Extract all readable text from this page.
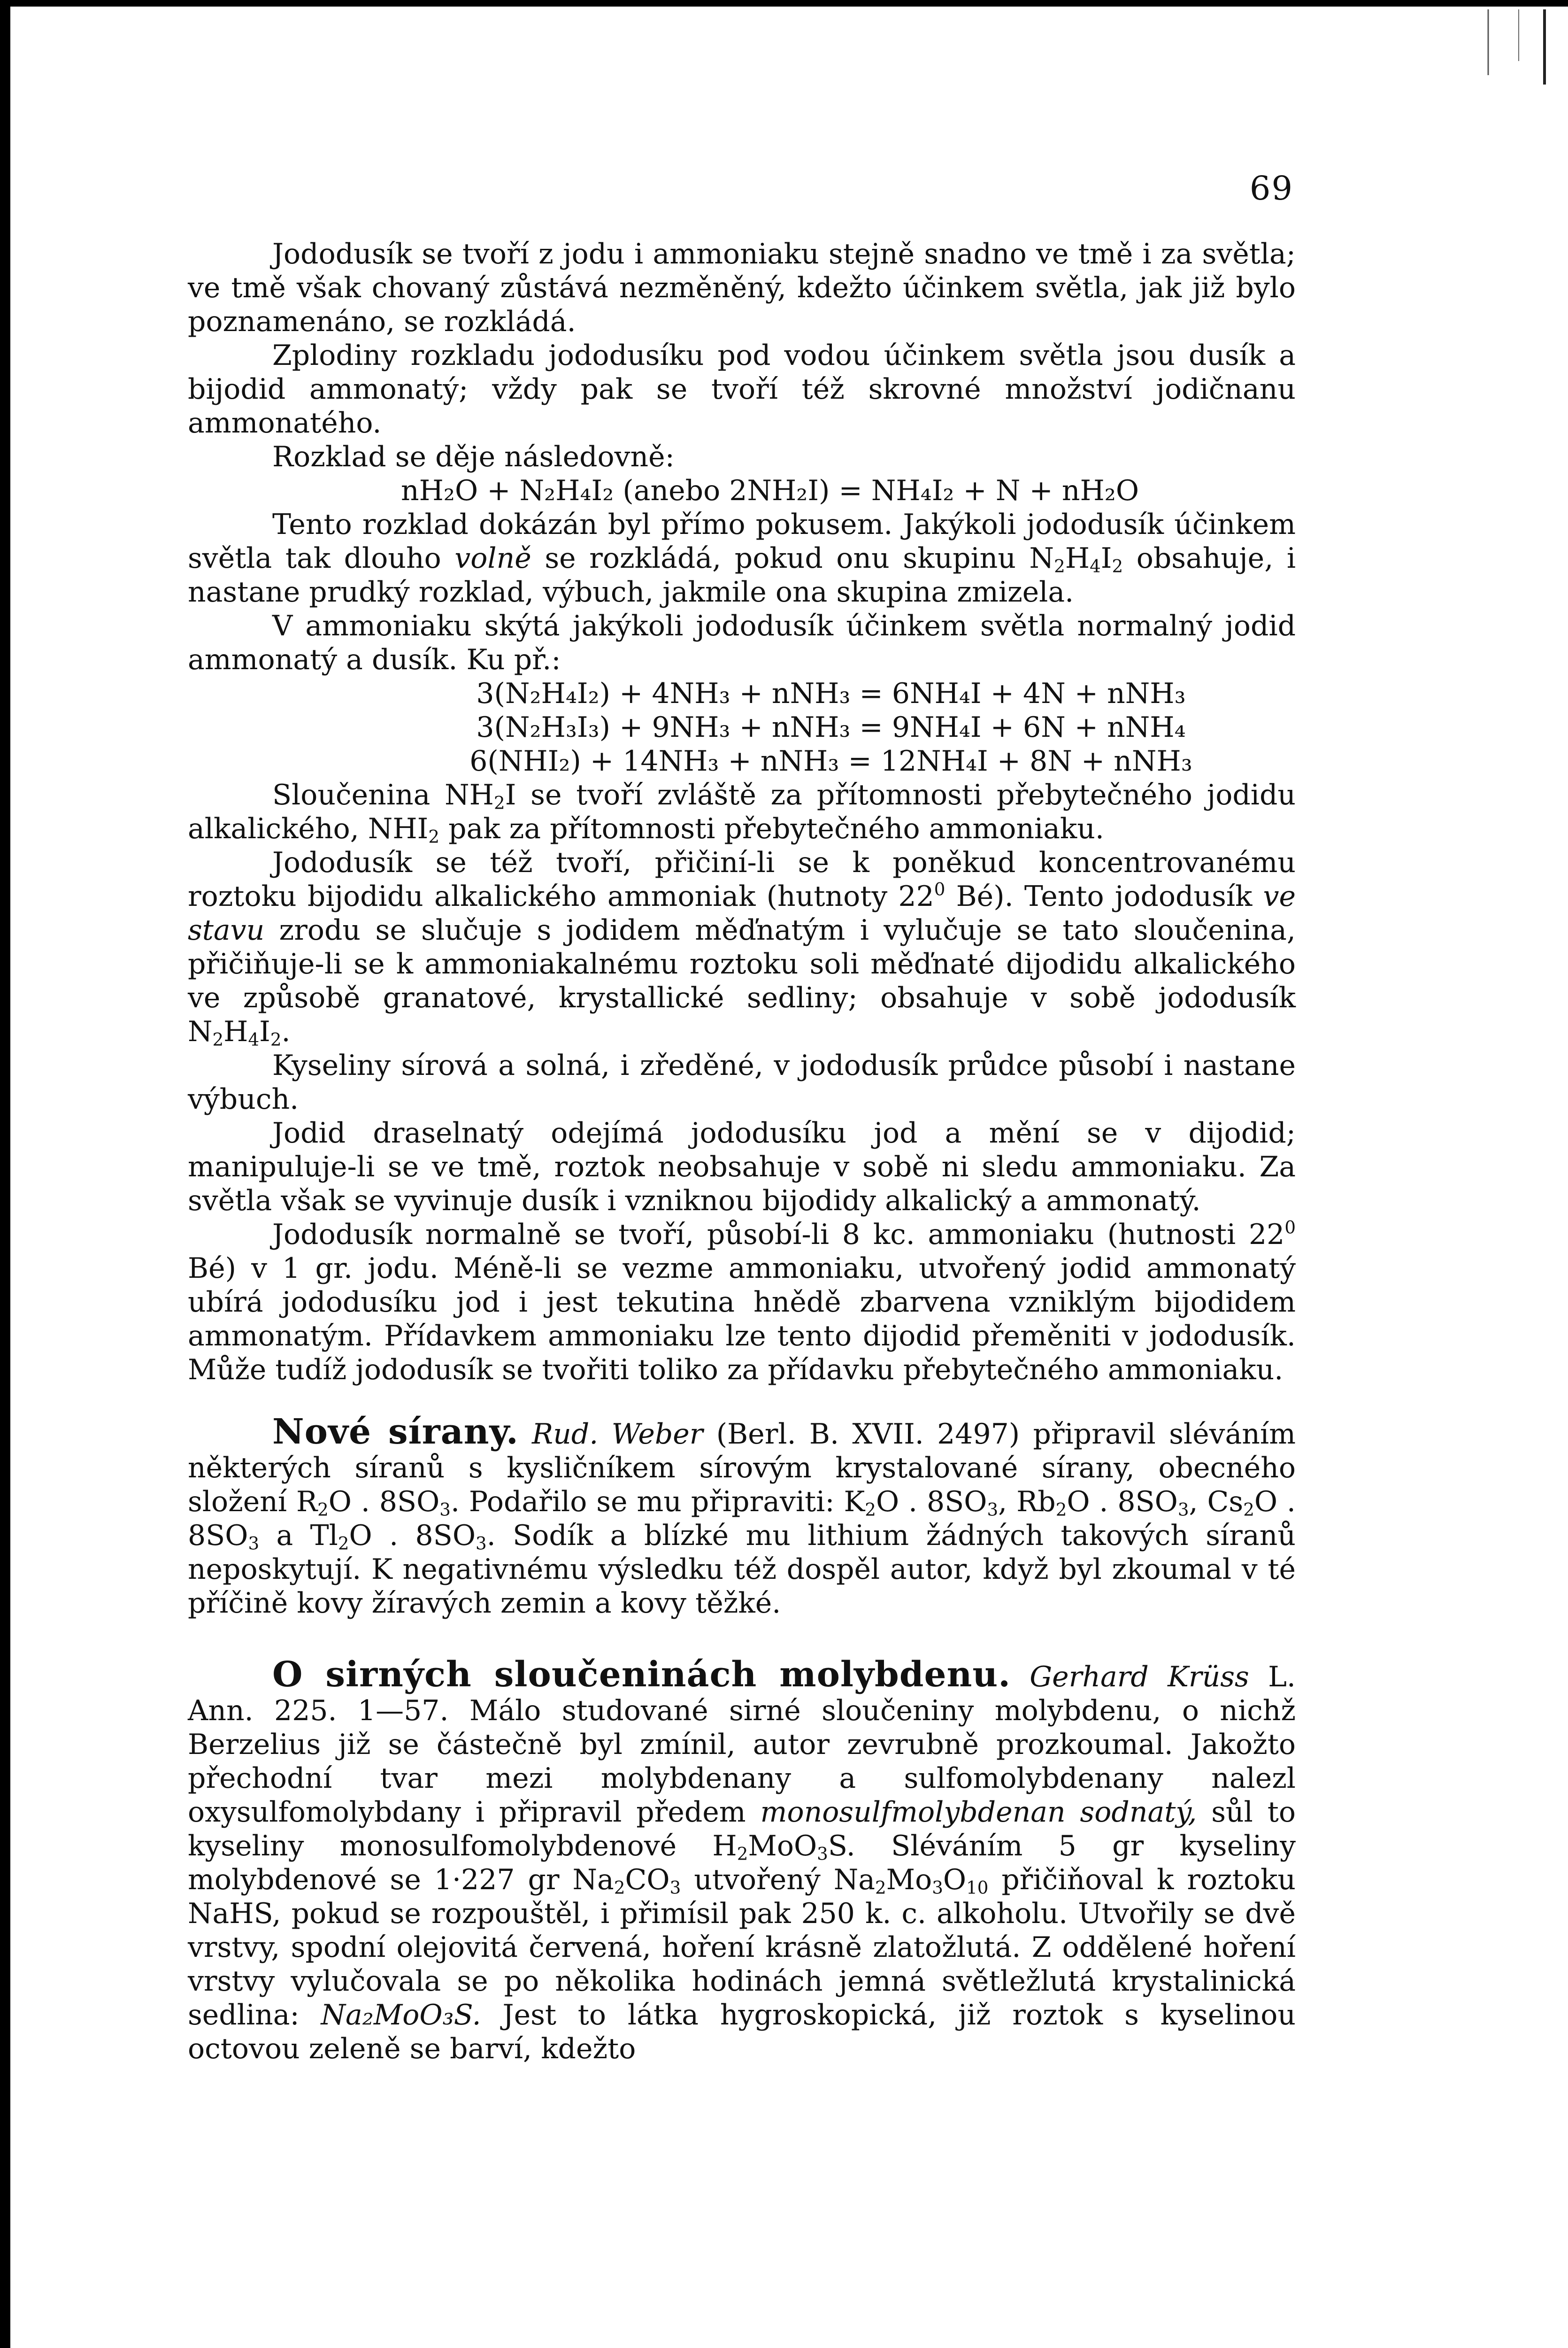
69

Jododusík se tvoří z jodu i ammoniaku stejně snadno ve tmě i za světla; ve tmě však chovaný zůstává nezměněný, kdežto účinkem světla, jak již bylo poznamenáno, se rozkládá.

Zplodiny rozkladu jododusíku pod vodou účinkem světla jsou dusík a bijodid ammonatý; vždy pak se tvoří též skrovné množství jodičnanu ammonatého.

Rozklad se děje následovně:

nH₂O + N₂H₄I₂ (anebo 2NH₂I) = NH₄I₂ + N + nH₂O

Tento rozklad dokázán byl přímo pokusem. Jakýkoli jododusík účinkem světla tak dlouho volně se rozkládá, pokud onu skupinu $N_2H_4I_2$ obsahuje, i nastane prudký rozklad, výbuch, jakmile ona skupina zmizela.

V ammoniaku skýtá jakýkoli jododusík účinkem světla normalný jodid ammonatý a dusík. Ku př.:

3(N₂H₄I₂) + 4NH₃ + nNH₃ = 6NH₄I + 4N + nNH₃

3(N₂H₃I₃) + 9NH₃ + nNH₃ = 9NH₄I + 6N + nNH₄

6(NHI₂) + 14NH₃ + nNH₃ = 12NH₄I + 8N + nNH₃

Sloučenina $NH_2I$ se tvoří zvláště za přítomnosti přebytečného jodidu alkalického, $NHI_2$ pak za přítomnosti přebytečného ammoniaku.

Jododusík se též tvoří, přičiní-li se k poněkud koncentrovanému roztoku bijodidu alkalického ammoniak (hutnoty $22^0$ Bé). Tento jododusík ve stavu zrodu se slučuje s jodidem měďnatým i vylučuje se tato sloučenina, přičiňuje-li se k ammoniakalnému roztoku soli měďnaté dijodidu alkalického ve způsobě granatové, krystallické sedliny; obsahuje v sobě jododusík $N_2H_4I_2$.

Kyseliny sírová a solná, i zředěné, v jododusík průdce působí i nastane výbuch.

Jodid draselnatý odejímá jododusíku jod a mění se v dijodid; manipuluje-li se ve tmě, roztok neobsahuje v sobě ni sledu ammoniaku. Za světla však se vyvinuje dusík i vzniknou bijodidy alkalický a ammonatý.

Jododusík normalně se tvoří, působí-li 8 kc. ammoniaku (hutnosti $22^0$ Bé) v 1 gr. jodu. Méně-li se vezme ammoniaku, utvořený jodid ammonatý ubírá jododusíku jod i jest tekutina hnědě zbarvena vzniklým bijodidem ammonatým. Přídavkem ammoniaku lze tento dijodid přeměniti v jododusík. Může tudíž jododusík se tvořiti toliko za přídavku přebytečného ammoniaku.

Nové sírany. Rud. Weber (Berl. B. XVII. 2497) připravil sléváním některých síranů s kysličníkem sírovým krystalované sírany, obecného složení $R_2O$ . $8SO_3$. Podařilo se mu připraviti: $K_2O$ . $8SO_3$, $Rb_2O$ . $8SO_3$, $Cs_2O$ . $8SO_3$ a $Tl_2O$ . $8SO_3$. Sodík a blízké mu lithium žádných takových síranů neposkytují. K negativnému výsledku též dospěl autor, když byl zkoumal v té příčině kovy žíravých zemin a kovy těžké.

O sirných sloučeninách molybdenu. Gerhard Krüss L. Ann. 225. 1—57. Málo studované sirné sloučeniny molybdenu, o nichž Berzelius již se částečně byl zmínil, autor zevrubně prozkoumal. Jakožto přechodní tvar mezi molybdenany a sulfomolybdenany nalezl oxysulfomolybdany i připravil předem monosulfmolybdenan sodnatý, sůl to kyseliny monosulfomolybdenové $H_2MoO_3S$. Sléváním 5 gr kyseliny molybdenové se 1·227 gr $Na_2CO_3$ utvořený $Na_2Mo_3O_{10}$ přičiňoval k roztoku NaHS, pokud se rozpouštěl, i přimísil pak 250 k. c. alkoholu. Utvořily se dvě vrstvy, spodní olejovitá červená, hoření krásně zlatožlutá. Z oddělené hoření vrstvy vylučovala se po několika hodinách jemná světležlutá krystalinická sedlina: Na₂MoO₃S. Jest to látka hygroskopická, již roztok s kyselinou octovou zeleně se barví, kdežto
